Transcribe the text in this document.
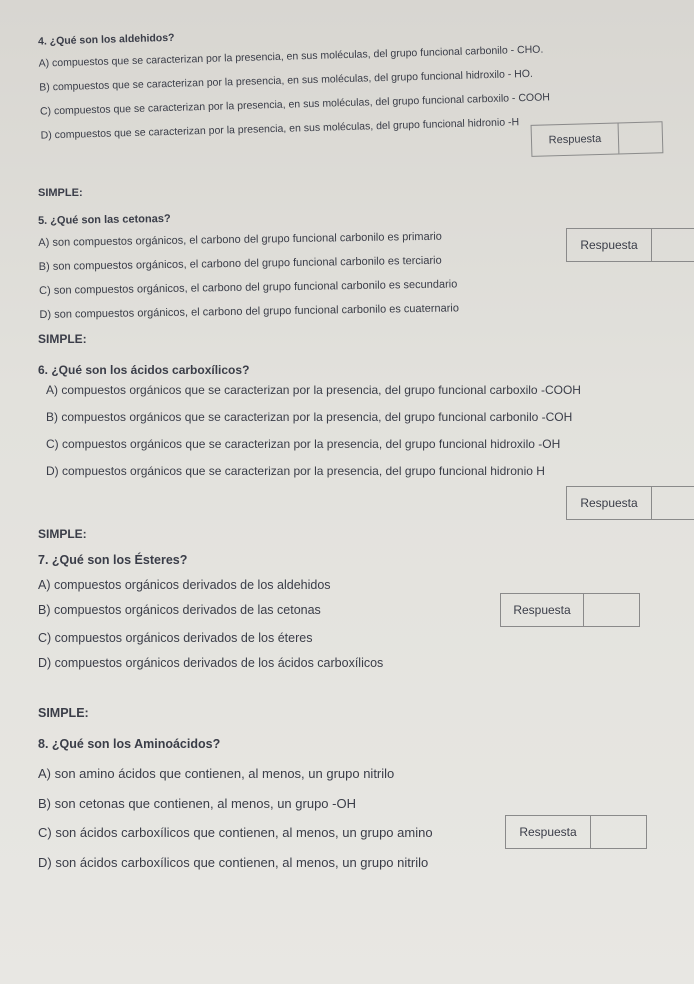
4. ¿Qué son los aldehidos?
A) compuestos que se caracterizan por la presencia, en sus moléculas, del grupo funcional carbonilo - CHO.
B) compuestos que se caracterizan por la presencia, en sus moléculas, del grupo funcional hidroxilo - HO.
C) compuestos que se caracterizan por la presencia, en sus moléculas, del grupo funcional carboxilo - COOH
D) compuestos que se caracterizan por la presencia, en sus moléculas, del grupo funcional hidronio -H	Respuesta
SIMPLE:
5. ¿Qué son las cetonas?
A) son compuestos orgánicos, el carbono del grupo funcional carbonilo es primario
B) son compuestos orgánicos, el carbono del grupo funcional carbonilo es terciario
C) son compuestos orgánicos, el carbono del grupo funcional carbonilo es secundario
D) son compuestos orgánicos, el carbono del grupo funcional carbonilo es cuaternario
Respuesta
SIMPLE:
6. ¿Qué son los ácidos carboxílicos?
A) compuestos orgánicos que se caracterizan por la presencia, del grupo funcional carboxilo -COOH
B) compuestos orgánicos que se caracterizan por la presencia, del grupo funcional carbonilo -COH
C) compuestos orgánicos que se caracterizan por la presencia, del grupo funcional hidroxilo -OH
D) compuestos orgánicos que se caracterizan por la presencia, del grupo funcional hidronio H
Respuesta
SIMPLE:
7. ¿Qué son los Ésteres?
A) compuestos orgánicos derivados de los aldehidos
B) compuestos orgánicos derivados de las cetonas	Respuesta
C) compuestos orgánicos derivados de los éteres
D) compuestos orgánicos derivados de los ácidos carboxílicos
SIMPLE:
8. ¿Qué son los Aminoácidos?
A) son amino ácidos que contienen, al menos, un grupo nitrilo
B) son cetonas que contienen, al menos, un grupo -OH
C) son ácidos carboxílicos que contienen, al menos, un grupo amino	Respuesta
D) son ácidos carboxílicos que contienen, al menos, un grupo nitrilo
